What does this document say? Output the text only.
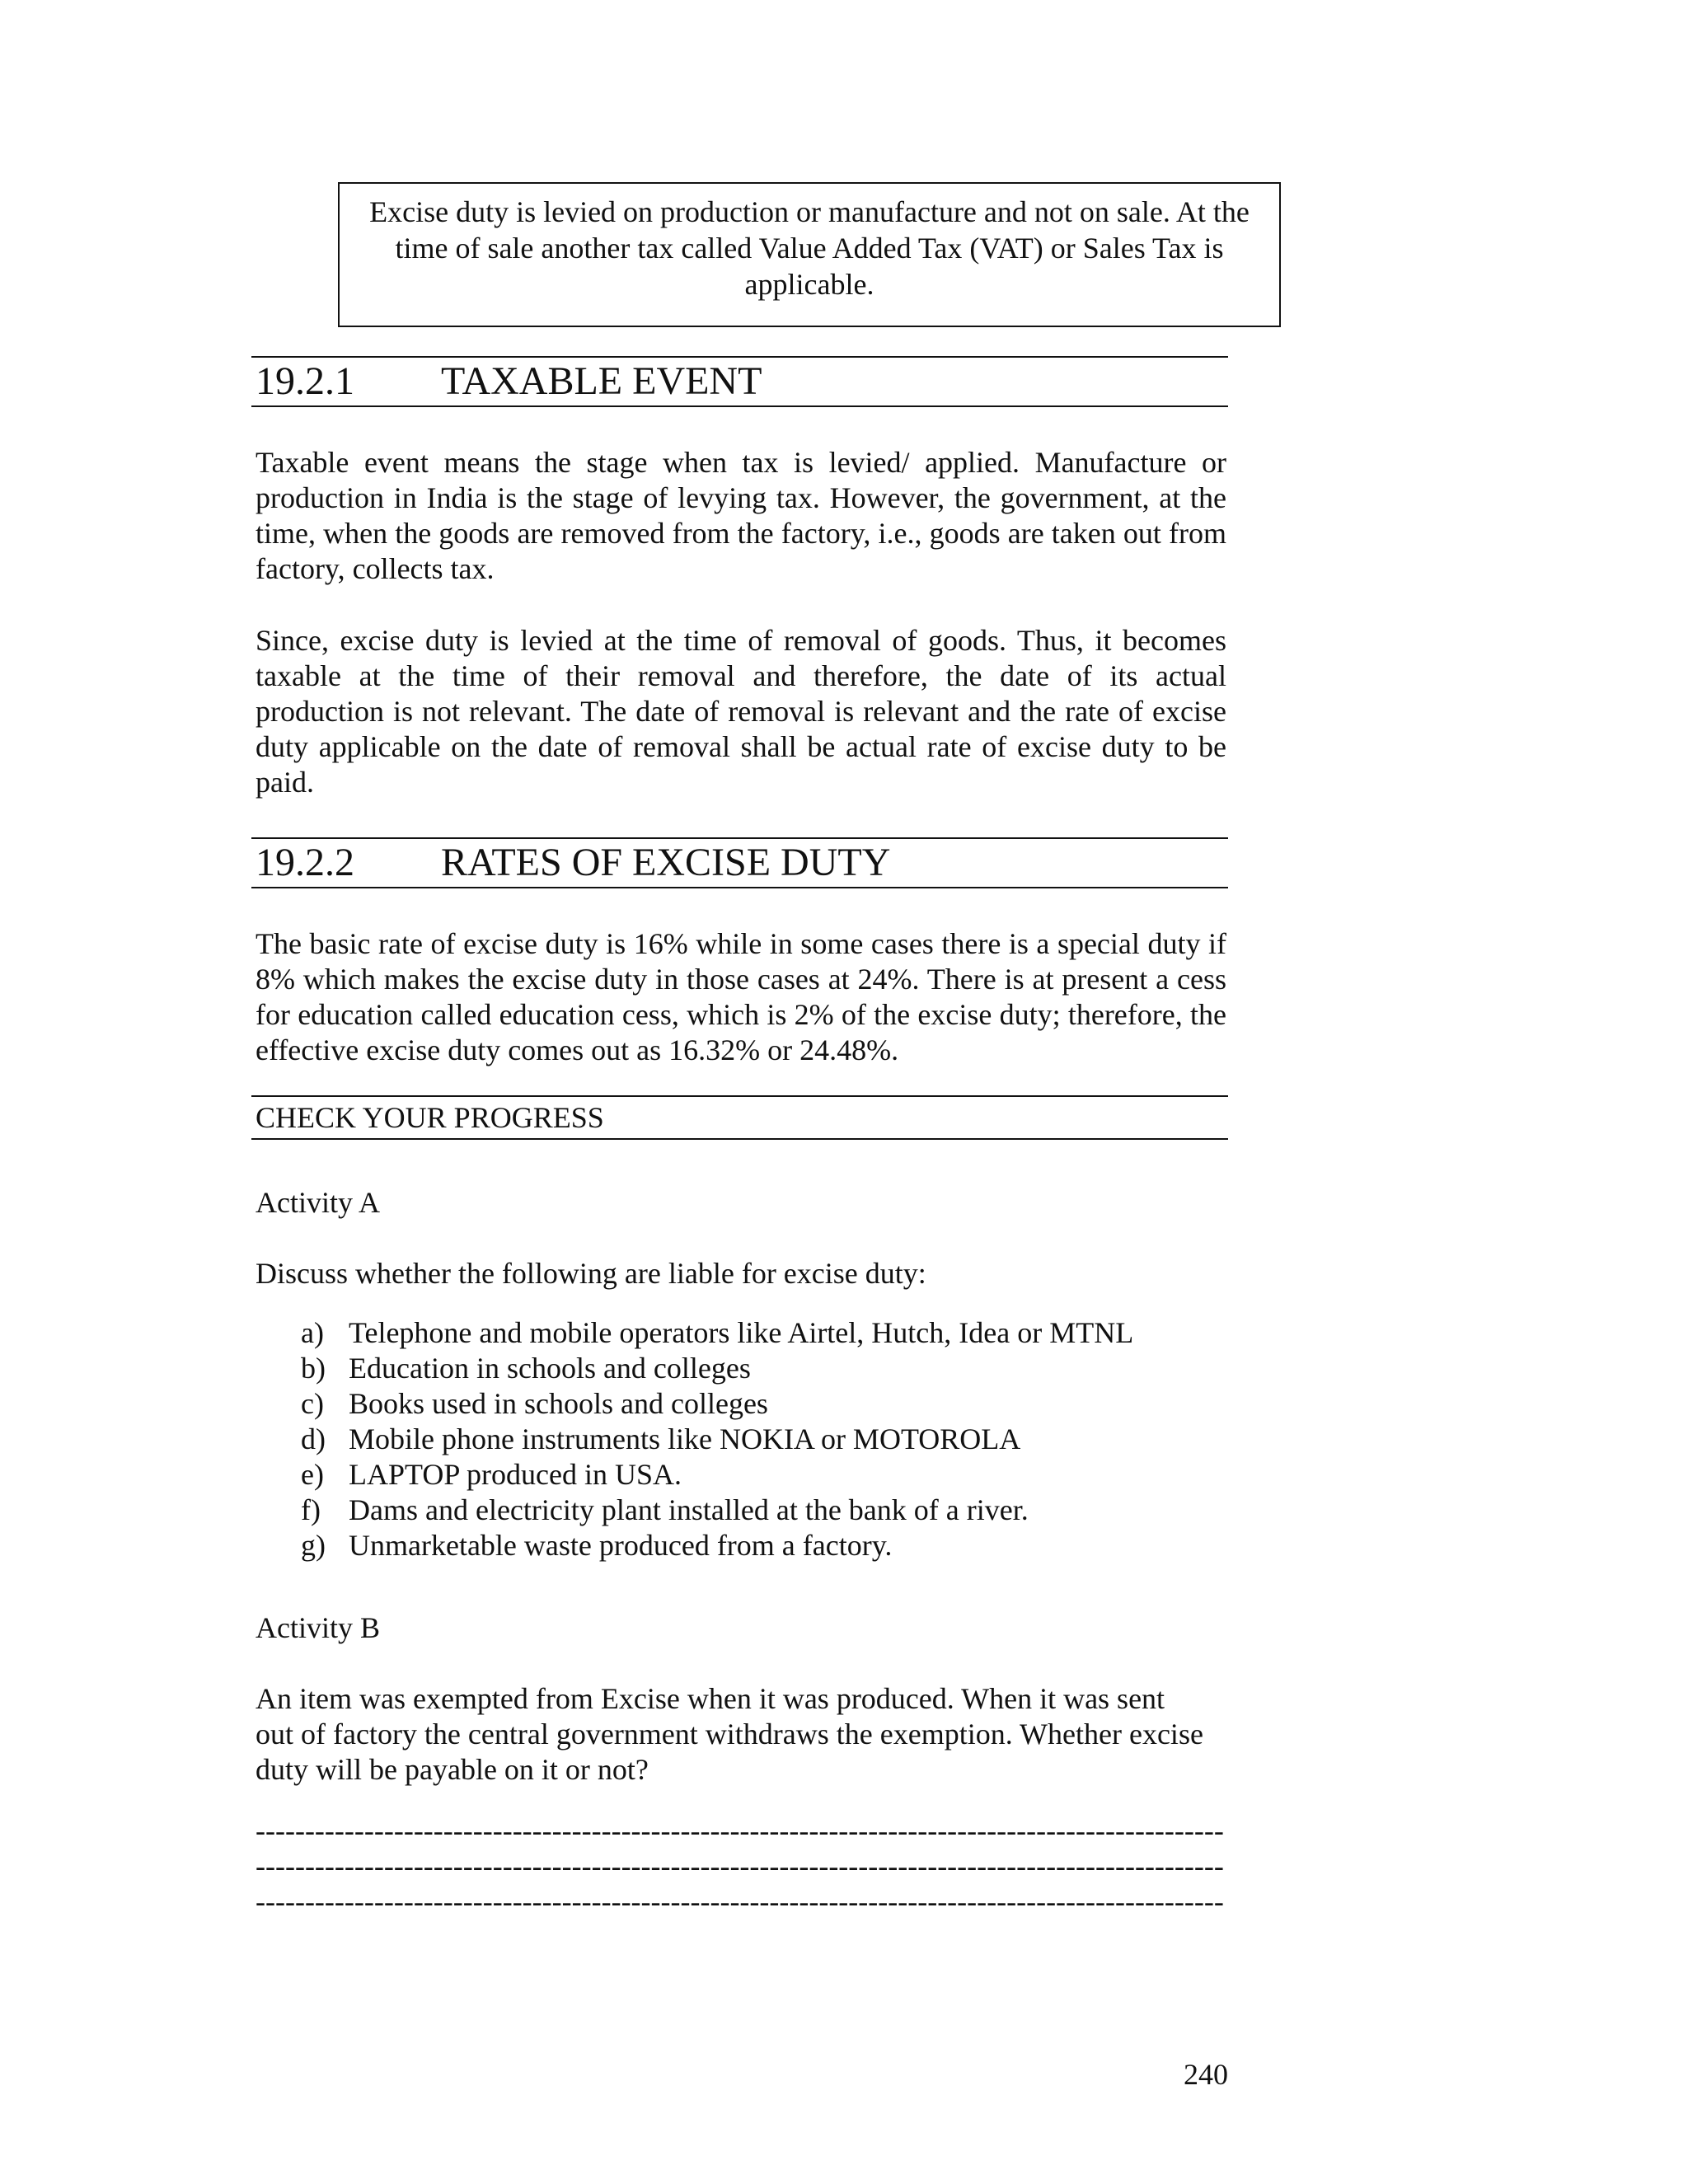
Excise duty is levied on production or manufacture and not on sale. At the time of sale another tax called Value Added Tax (VAT) or Sales Tax is applicable.
19.2.1	TAXABLE EVENT

Taxable event means the stage when tax is levied/ applied. Manufacture or production in India is the stage of levying tax. However, the government, at the time, when the goods are removed from the factory, i.e., goods are taken out from factory, collects tax.

Since, excise duty is levied at the time of removal of goods. Thus, it becomes taxable at the time of their removal and therefore, the date of its actual production is not relevant. The date of removal is relevant and the rate of excise duty applicable on the date of removal shall be actual rate of excise duty to be paid.

19.2.2	RATES OF EXCISE DUTY

The basic rate of excise duty is 16% while in some cases there is a special duty if 8% which makes the excise duty in those cases at 24%. There is at present a cess for education called education cess, which is 2% of the excise duty; therefore, the effective excise duty comes out as 16.32% or 24.48%.

CHECK YOUR PROGRESS
Activity A
Discuss whether the following are liable for excise duty:
a) Telephone and mobile operators like Airtel, Hutch, Idea or MTNL
b) Education in schools and colleges
c) Books used in schools and colleges
d) Mobile phone instruments like NOKIA or MOTOROLA
e) LAPTOP produced in USA.
f) Dams and electricity plant installed at the bank of a river.
g) Unmarketable waste produced from a factory.
Activity B

An item was exempted from Excise when it was produced. When it was sent out of factory the central government withdraws the exemption. Whether excise duty will be payable on it or not?

--------------------------------------------------------------------------------------------------
--------------------------------------------------------------------------------------------------
--------------------------------------------------------------------------------------------------
240
